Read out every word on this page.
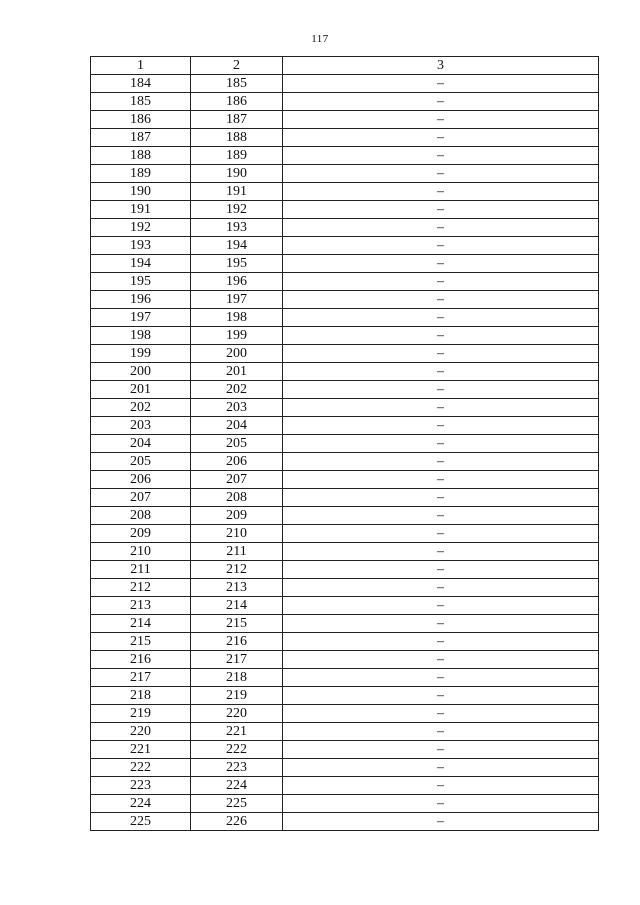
117
1	2	3
184	185	–
185	186	–
186	187	–
187	188	–
188	189	–
189	190	–
190	191	–
191	192	–
192	193	–
193	194	–
194	195	–
195	196	–
196	197	–
197	198	–
198	199	–
199	200	–
200	201	–
201	202	–
202	203	–
203	204	–
204	205	–
205	206	–
206	207	–
207	208	–
208	209	–
209	210	–
210	211	–
211	212	–
212	213	–
213	214	–
214	215	–
215	216	–
216	217	–
217	218	–
218	219	–
219	220	–
220	221	–
221	222	–
222	223	–
223	224	–
224	225	–
225	226	–
